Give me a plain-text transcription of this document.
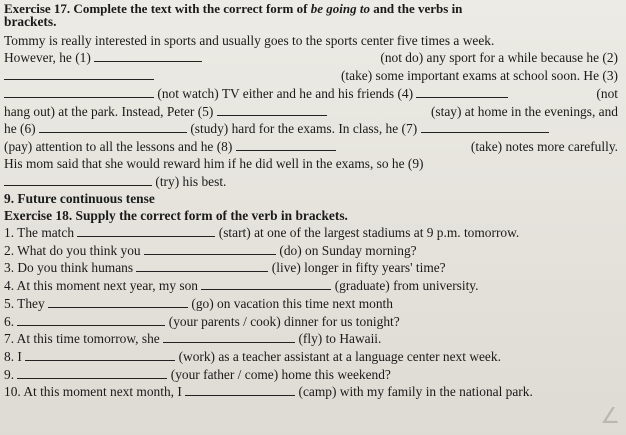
Exercise 17. Complete the text with the correct form of be going to and the verbs in
brackets.
Tommy is really interested in sports and usually goes to the sports center five times a week.
However, he (1)	(not do) any sport for a while because he (2)
(take) some important exams at school soon. He (3)
(not watch) TV either and he and his friends (4)	(not
hang out) at the park. Instead, Peter (5)	(stay) at home in the evenings, and
he (6)	(study) hard for the exams. In class, he (7)
(pay) attention to all the lessons and he (8)	(take) notes more carefully.
His mom said that she would reward him if he did well in the exams, so he (9)
(try) his best.
9. Future continuous tense
Exercise 18. Supply the correct form of the verb in brackets.
1. The match	(start) at one of the largest stadiums at 9 p.m. tomorrow.
2. What do you think you	(do) on Sunday morning?
3. Do you think humans	(live) longer in fifty years' time?
4. At this moment next year, my son	(graduate) from university.
5. They	(go) on vacation this time next month
6.	(your parents / cook) dinner for us tonight?
7. At this time tomorrow, she	(fly) to Hawaii.
8. I	(work) as a teacher assistant at a language center next week.
9.	(your father / come) home this weekend?
10. At this moment next month, I	(camp) with my family in the national park.
∠
